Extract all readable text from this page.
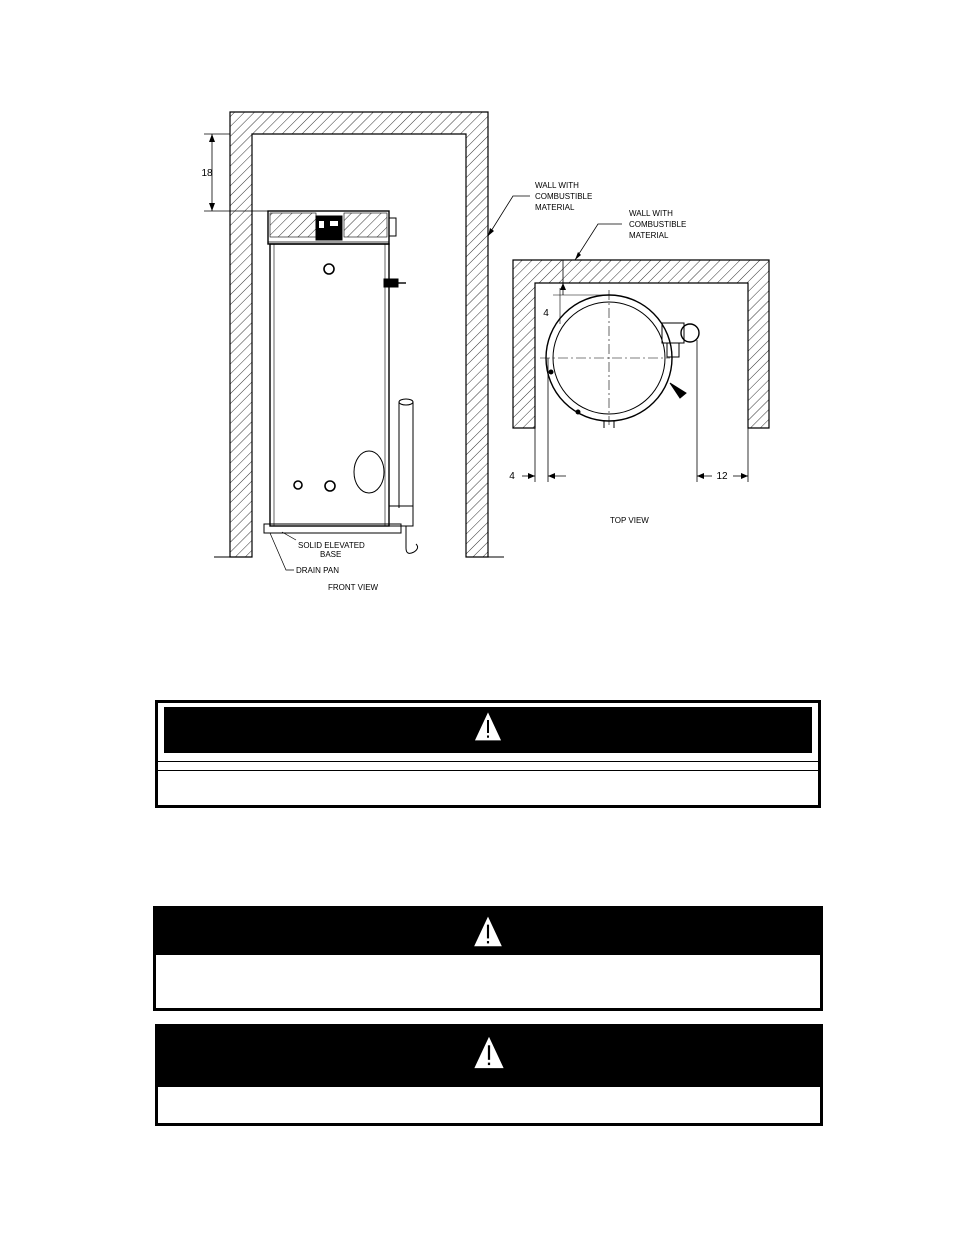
18
WALL WITH
COMBUSTIBLE
MATERIAL
SOLID ELEVATED
BASE
DRAIN PAN
FRONT VIEW
4
4	12
WALL WITH
COMBUSTIBLE
MATERIAL
TOP VIEW
